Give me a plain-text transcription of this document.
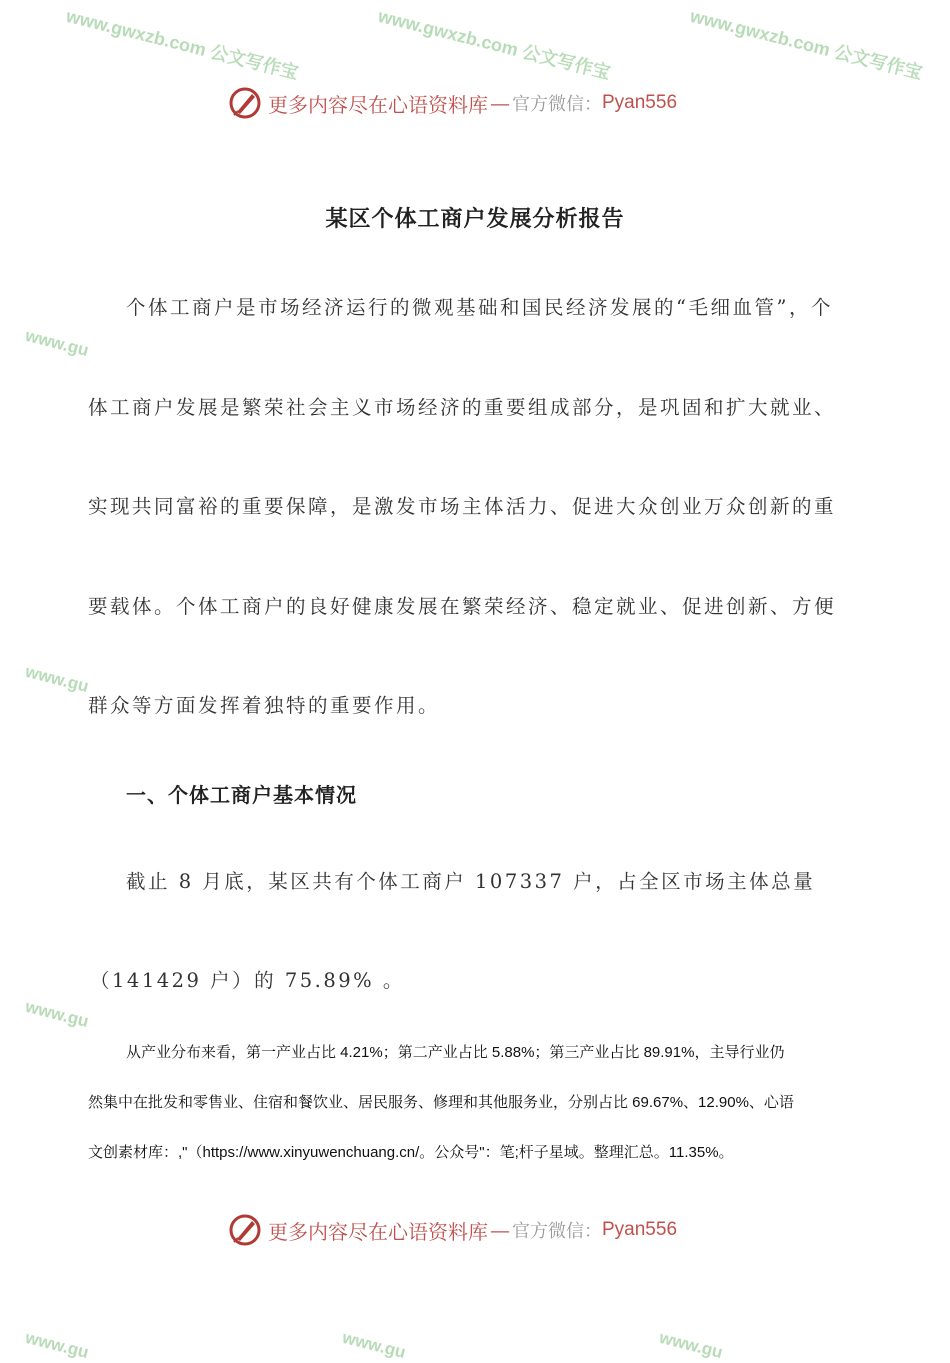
www.gwxzb.com 公文写作宝	www.gwxzb.com 公文写作宝	www.gwxzb.com 公文写作宝
www.gu
www.gu
www.gu
www.gu	www.gu	www.gu
更多内容尽在心语资料库 — 官方微信： Pyan556
某区个体工商户发展分析报告
个体工商户是市场经济运行的微观基础和国民经济发展的“毛细血管”，个
体工商户发展是繁荣社会主义市场经济的重要组成部分，是巩固和扩大就业、
实现共同富裕的重要保障，是激发市场主体活力、促进大众创业万众创新的重
要载体。个体工商户的良好健康发展在繁荣经济、稳定就业、促进创新、方便
群众等方面发挥着独特的重要作用。
一、个体工商户基本情况
截止 8 月底，某区共有个体工商户 107337 户，占全区市场主体总量
（141429 户）的 75.89% 。
从产业分布来看，第一产业占比 4.21%；第二产业占比 5.88%；第三产业占比 89.91%，主导行业仍
然集中在批发和零售业、住宿和餐饮业、居民服务、修理和其他服务业，分别占比 69.67%、12.90%、心语
文创素材库：,"（https://www.xinyuwenchuang.cn/。公众号"：笔;杆子星域。整理汇总。11.35%。
更多内容尽在心语资料库 — 官方微信： Pyan556
